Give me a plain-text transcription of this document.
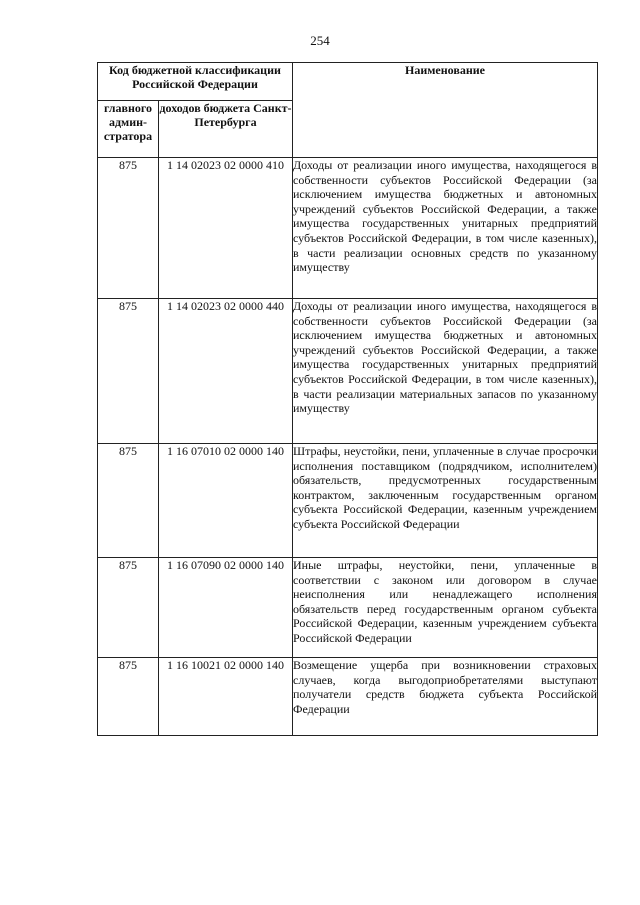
254
Код бюджетной классификации Российской Федерации		Наименование
главного админ-стратора	доходов бюджета Санкт-Петербурга	
875	1 14 02023 02 0000 410	Доходы от реализации иного имущества, находящегося в собственности субъектов Российской Федерации (за исключением имущества бюджетных и автономных учреждений субъектов Российской Федерации, а также имущества государственных унитарных предприятий субъектов Российской Федерации, в том числе казенных), в части реализации основных средств по указанному имуществу
875	1 14 02023 02 0000 440	Доходы от реализации иного имущества, находящегося в собственности субъектов Российской Федерации (за исключением имущества бюджетных и автономных учреждений субъектов Российской Федерации, а также имущества государственных унитарных предприятий субъектов Российской Федерации, в том числе казенных), в части реализации материальных запасов по указанному имуществу
875	1 16 07010 02 0000 140	Штрафы, неустойки, пени, уплаченные в случае просрочки исполнения поставщиком (подрядчиком, исполнителем) обязательств, предусмотренных государственным контрактом, заключенным государственным органом субъекта Российской Федерации, казенным учреждением субъекта Российской Федерации
875	1 16 07090 02 0000 140	Иные штрафы, неустойки, пени, уплаченные в соответствии с законом или договором в случае неисполнения или ненадлежащего исполнения обязательств перед государственным органом субъекта Российской Федерации, казенным учреждением субъекта Российской Федерации
875	1 16 10021 02 0000 140	Возмещение ущерба при возникновении страховых случаев, когда выгодоприобретателями выступают получатели средств бюджета субъекта Российской Федерации
